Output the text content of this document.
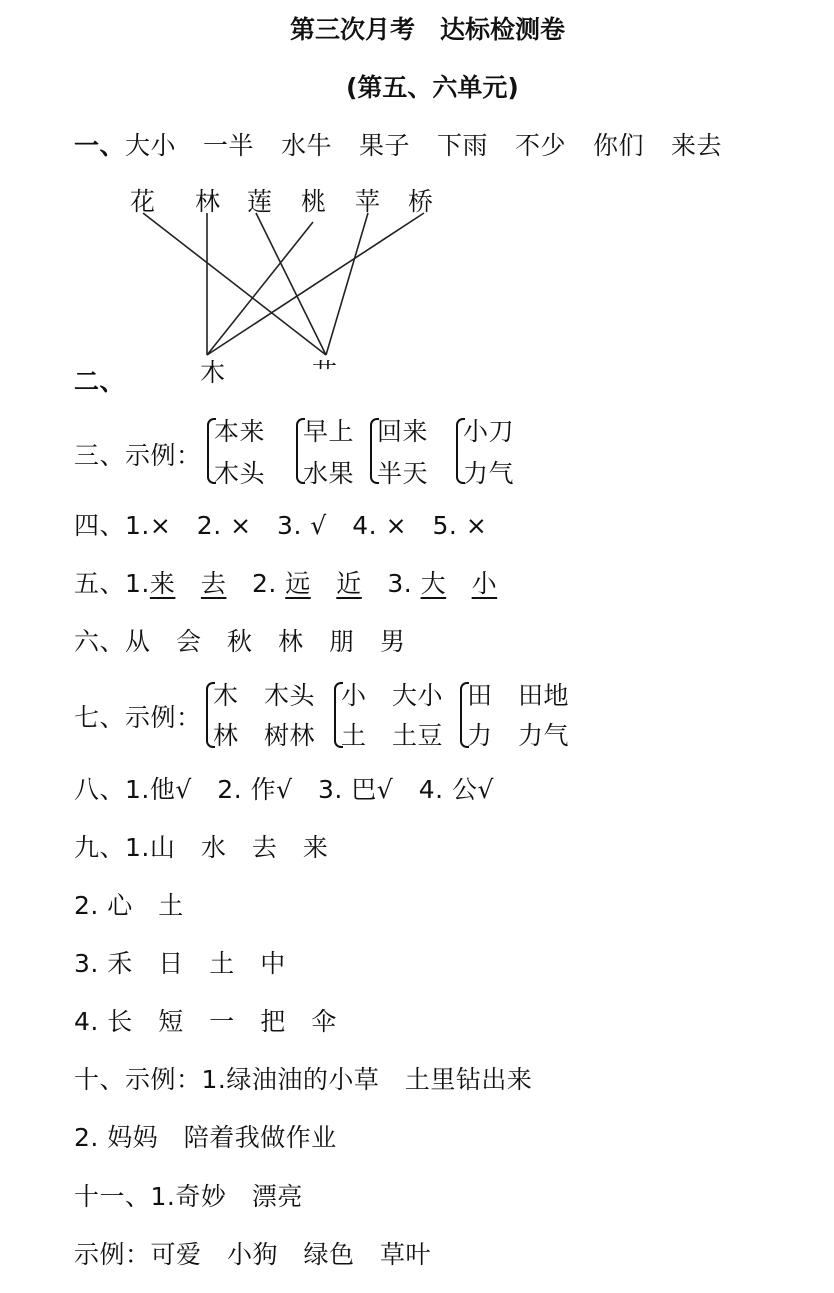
第三次月考　达标检测卷
(第五、六单元)
一、大小 一半 水牛 果子 下雨 不少 你们 来去
花 林 莲 桃 苹 桥
二、	木	艹
三、示例：
本来
木头
早上
水果
回来
半天
小刀
力气
四、1.×　2. ×　3. √　4. ×　5. ×
五、1.来　 去　 2. 远　 近　 3. 大　 小
六、从　会　秋　林　朋　男
七、示例：
木 木头
林 树林
小 大小
土 土豆
田 田地
力 力气
八、1.他√　2. 作√　3. 巴√　4. 公√
九、1.山　水　去　来
2. 心　土
3. 禾　日　土　中
4. 长　短　一　把　伞
十、示例：1.绿油油的小草　土里钻出来
2. 妈妈　陪着我做作业
十一、1.奇妙　漂亮
示例：可爱　小狗　绿色　草叶
